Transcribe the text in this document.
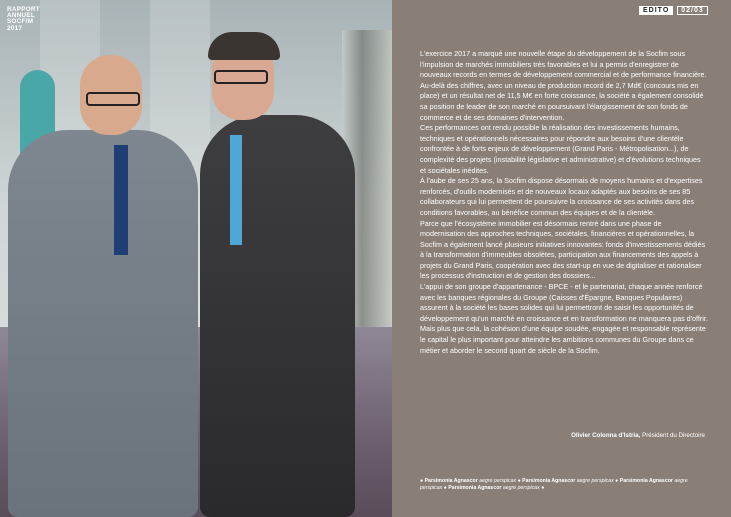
RAPPORT
ANNUEL
SOCFIM
2017
EDITO	02/03

L'exercice 2017 a marqué une nouvelle étape du développement de la Socfim sous l'impulsion de marchés immobiliers très favorables et lui a permis d'enregistrer de nouveaux records en termes de développement commercial et de performance financière.

Au-delà des chiffres, avec un niveau de production record de 2,7 Md€ (concours mis en place) et un résultat net de 11,5 M€ en forte croissance, la société a également consolidé sa position de leader de son marché en poursuivant l'élargissement de son fonds de commerce et de ses domaines d'intervention.

Ces performances ont rendu possible la réalisation des investissements humains, techniques et opérationnels nécessaires pour répondre aux besoins d'une clientèle confrontée à de forts enjeux de développement (Grand Paris - Métropolisation...), de complexité des projets (instabilité législative et administrative) et d'évolutions techniques et sociétales inédites.

À l'aube de ses 25 ans, la Socfim dispose désormais de moyens humains et d'expertises renforcés, d'outils modernisés et de nouveaux locaux adaptés aux besoins de ses 85 collaborateurs qui lui permettent de poursuivre la croissance de ses activités dans des conditions favorables, au bénéfice commun des équipes et de la clientèle.

Parce que l'écosystème immobilier est désormais rentré dans une phase de modernisation des approches techniques, sociétales, financières et opérationnelles, la Socfim a également lancé plusieurs initiatives innovantes: fonds d'investissements dédiés à la transformation d'immeubles obsolètes, participation aux financements des appels à projets du Grand Paris, coopération avec des start-up en vue de digitaliser et rationaliser les processus d'instruction et de gestion des dossiers...

L'appui de son groupe d'appartenance - BPCE - et le partenariat, chaque année renforcé avec les banques régionales du Groupe (Caisses d'Épargne, Banques Populaires) assurent à la société les bases solides qui lui permettront de saisir les opportunités de développement qu'un marché en croissance et en transformation ne manquera pas d'offrir.

Mais plus que cela, la cohésion d'une équipe soudée, engagée et responsable représente le capital le plus important pour atteindre les ambitions communes du Groupe dans ce métier et aborder le second quart de siècle de la Socfim.

Olivier Colonna d'Istria, Président du Directoire
● Parsimonia Agnascor aegre perspicax ● Parsimonia Agnascor aegre perspicax ● Parsimonia Agnascor aegre perspicax ● Parsimonia Agnascor aegre perspicax ●
